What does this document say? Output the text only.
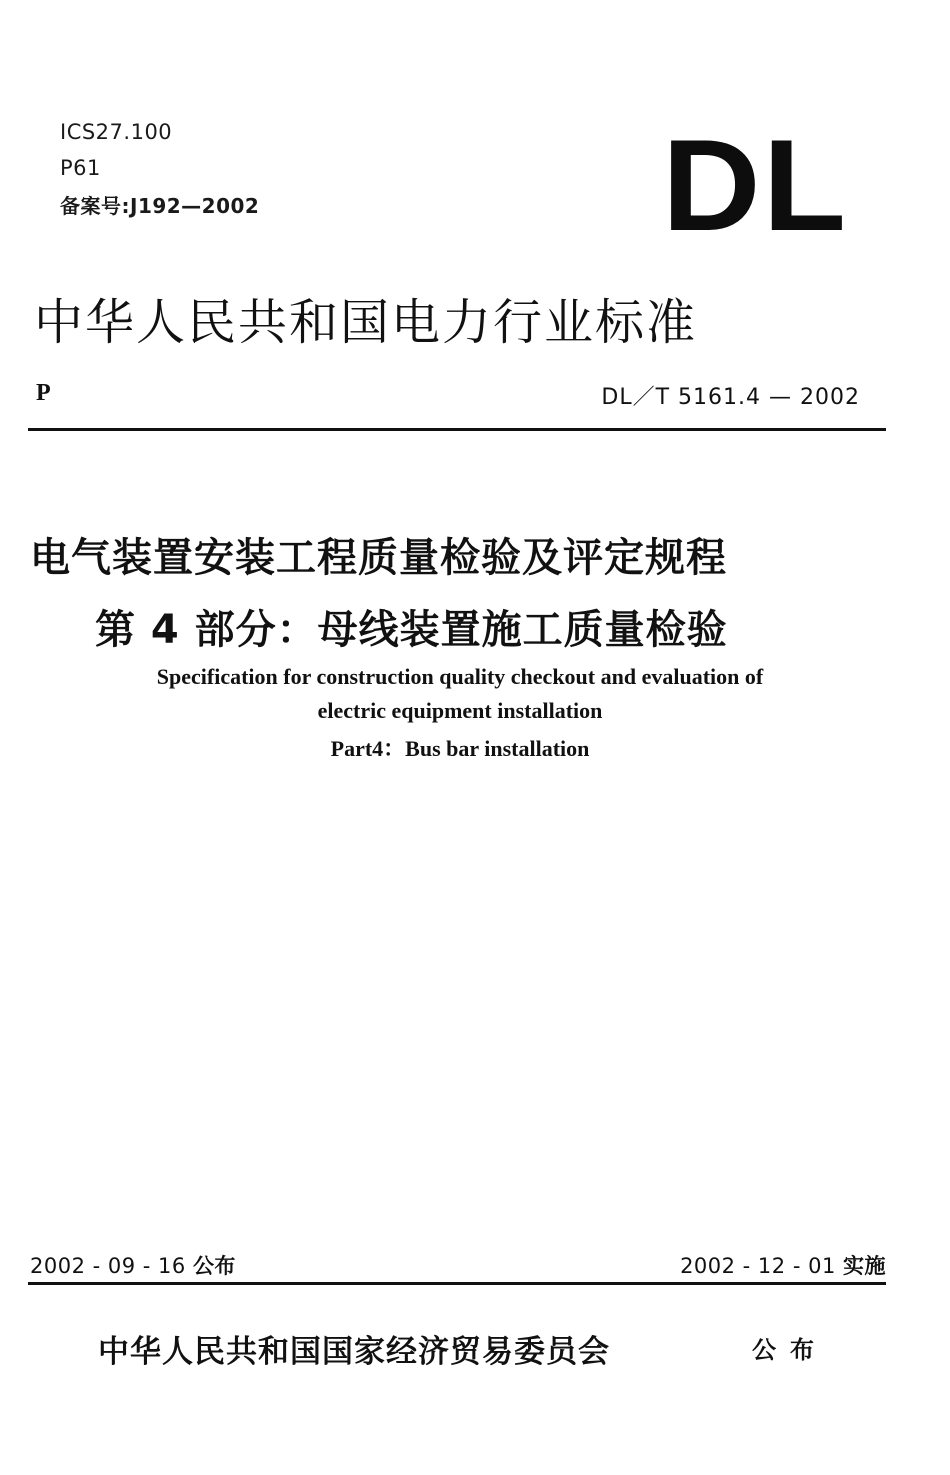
ICS27.100
P61
备案号:J192—2002	DL
中华人民共和国电力行业标准
P	DL／T 5161.4 — 2002
电气装置安装工程质量检验及评定规程
第 4 部分：母线装置施工质量检验
Specification for construction quality checkout and evaluation of
electric equipment installation
Part4：Bus bar installation
2002 - 09 - 16 公布	2002 - 12 - 01 实施
中华人民共和国国家经济贸易委员会	公布
